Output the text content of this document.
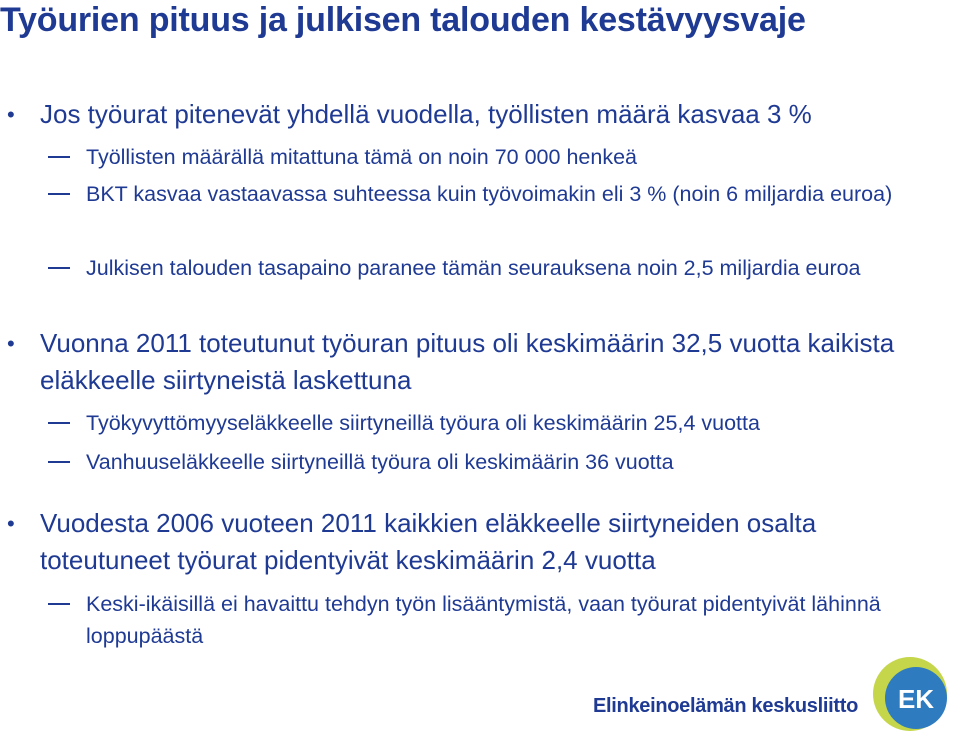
Työurien pituus ja julkisen talouden kestävyysvaje
• Jos työurat pitenevät yhdellä vuodella, työllisten määrä kasvaa 3 %
Työllisten määrällä mitattuna tämä on noin 70 000 henkeä
BKT kasvaa vastaavassa suhteessa kuin työvoimakin eli 3 % (noin 6 miljardia euroa)
Julkisen talouden tasapaino paranee tämän seurauksena noin 2,5 miljardia euroa
• Vuonna 2011 toteutunut työuran pituus oli keskimäärin 32,5 vuotta kaikista eläkkeelle siirtyneistä laskettuna
Työkyvyttömyyseläkkeelle siirtyneillä työura oli keskimäärin 25,4 vuotta
Vanhuuseläkkeelle siirtyneillä työura oli keskimäärin 36 vuotta
• Vuodesta 2006 vuoteen 2011 kaikkien eläkkeelle siirtyneiden osalta toteutuneet työurat pidentyivät keskimäärin 2,4 vuotta
Keski-ikäisillä ei havaittu tehdyn työn lisääntymistä, vaan työurat pidentyivät lähinnä loppupäästä
Elinkeinoelämän keskusliitto EK
